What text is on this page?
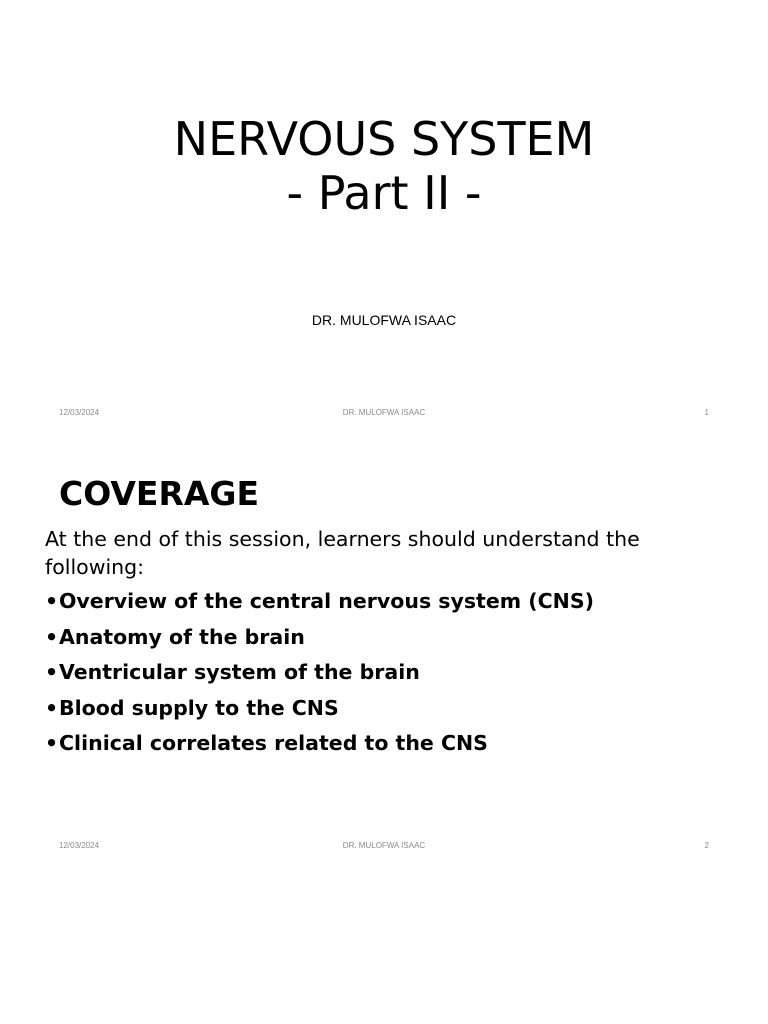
NERVOUS SYSTEM
- Part II -
DR. MULOFWA ISAAC
12/03/2024	DR. MULOFWA ISAAC	1
COVERAGE
At the end of this session, learners should understand the following:
• Overview of the central nervous system (CNS)
• Anatomy of the brain
• Ventricular system of the brain
• Blood supply to the CNS
• Clinical correlates related to the CNS
12/03/2024	DR. MULOFWA ISAAC	2
